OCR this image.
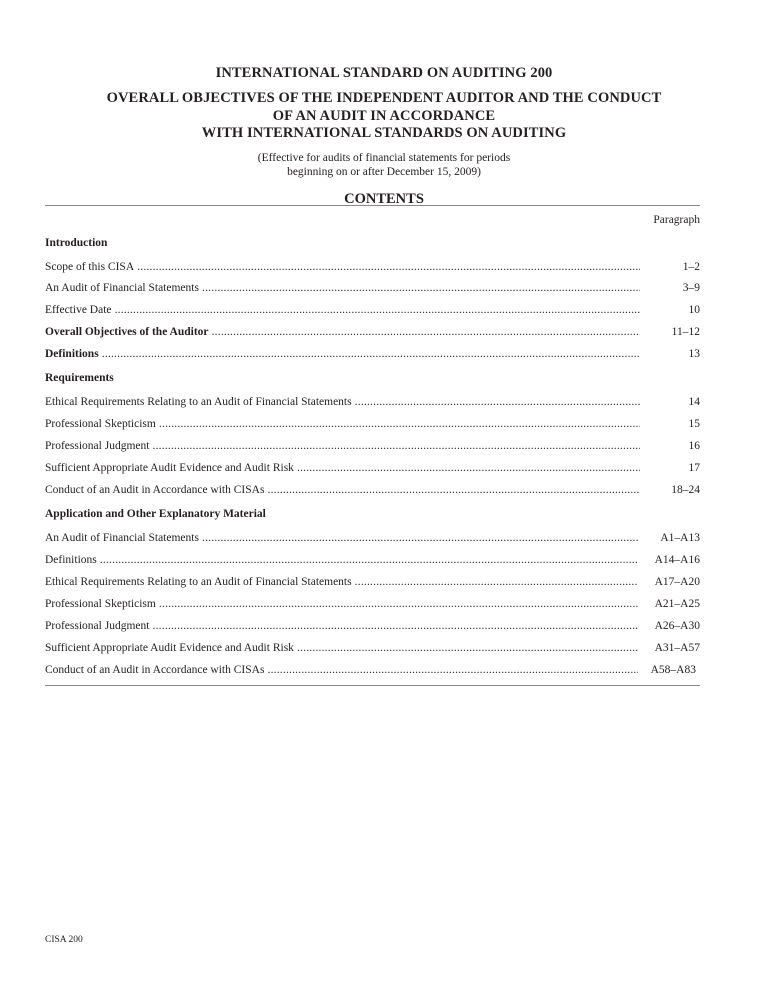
INTERNATIONAL STANDARD ON AUDITING 200
OVERALL OBJECTIVES OF THE INDEPENDENT AUDITOR AND THE CONDUCT
OF AN AUDIT IN ACCORDANCE
WITH INTERNATIONAL STANDARDS ON AUDITING
(Effective for audits of financial statements for periods
beginning on or after December 15, 2009)
CONTENTS
Paragraph
Introduction
Scope of this CISA .....	1–2
An Audit of Financial Statements .....	3–9
Effective Date .....	10
Overall Objectives of the Auditor .....	11–12
Definitions .....	13
Requirements
Ethical Requirements Relating to an Audit of Financial Statements .....	14
Professional Skepticism .....	15
Professional Judgment .....	16
Sufficient Appropriate Audit Evidence and Audit Risk .....	17
Conduct of an Audit in Accordance with CISAs .....	18–24
Application and Other Explanatory Material
An Audit of Financial Statements .....	A1–A13
Definitions .....	A14–A16
Ethical Requirements Relating to an Audit of Financial Statements .....	A17–A20
Professional Skepticism .....	A21–A25
Professional Judgment .....	A26–A30
Sufficient Appropriate Audit Evidence and Audit Risk .....	A31–A57
Conduct of an Audit in Accordance with CISAs .....	A58–A83
CISA 200
